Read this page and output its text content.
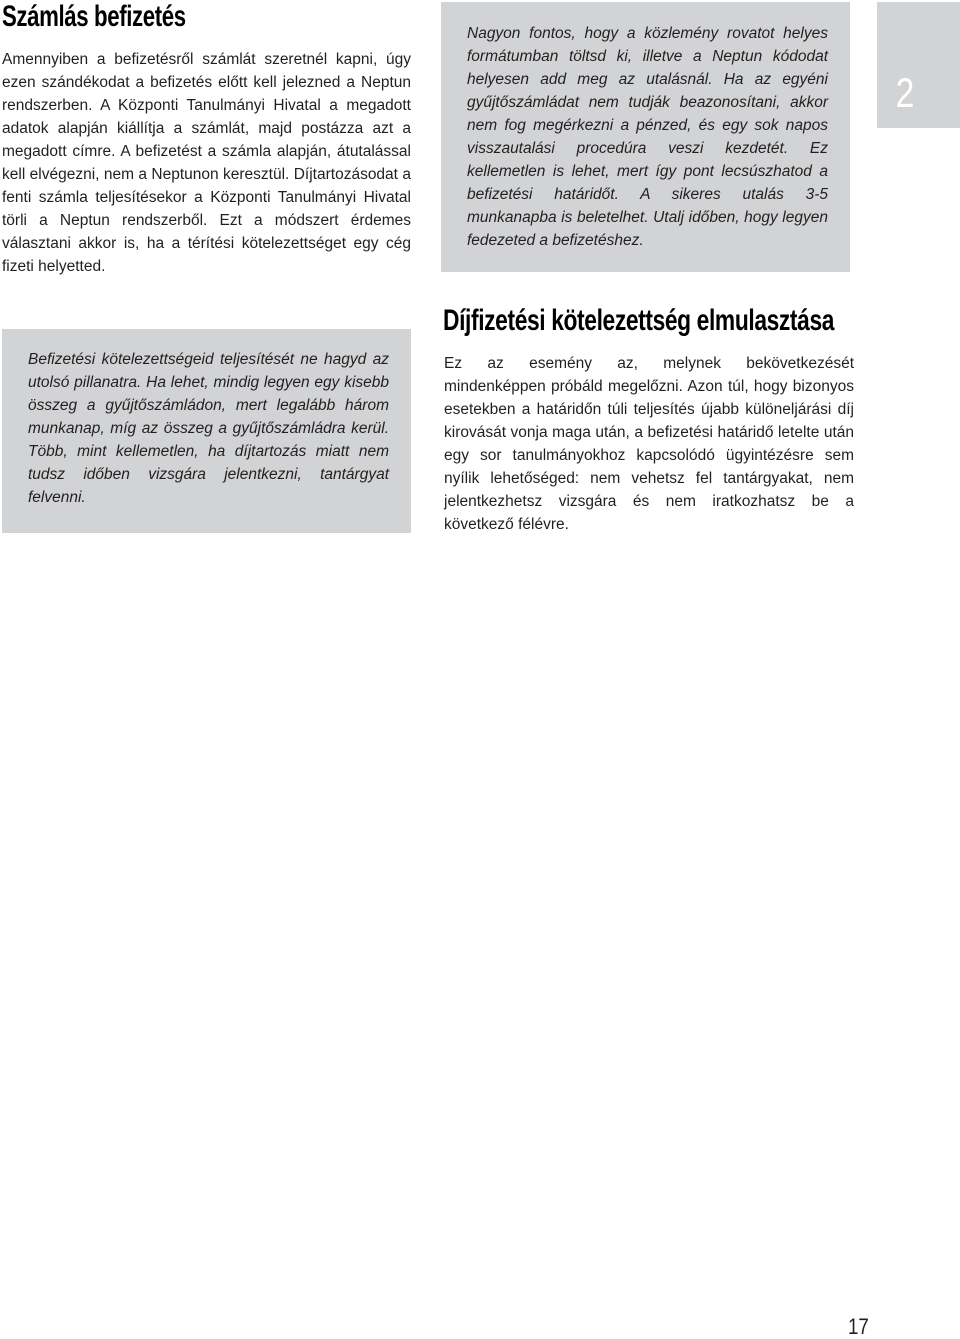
Számlás befizetés

Amennyiben a befizetésről számlát szeretnél kapni, úgy ezen szándékodat a befizetés előtt kell jelezned a Neptun rendszerben. A Központi Tanulmányi Hivatal a megadott adatok alapján kiállítja a számlát, majd postázza azt a megadott címre. A befizetést a számla alapján, átutalással kell elvégezni, nem a Neptunon keresztül. Díjtartozásodat a fenti számla teljesítésekor a Központi Tanulmányi Hivatal törli a Neptun rendszerből. Ezt a módszert érdemes választani akkor is, ha a térítési kötelezettséget egy cég fizeti helyetted.

Nagyon fontos, hogy a közlemény rovatot helyes formátumban töltsd ki, illetve a Neptun kódodat helyesen add meg az utalásnál. Ha az egyéni gyűjtőszámládat nem tudják beazonosítani, akkor nem fog megérkezni a pénzed, és egy sok napos visszautalási procedúra veszi kezdetét. Ez kellemetlen is lehet, mert így pont lecsúszhatod a befizetési határidőt. A sikeres utalás 3-5 munkanapba is beletelhet. Utalj időben, hogy legyen fedezeted a befizetéshez.

2

Befizetési kötelezettségeid teljesítését ne hagyd az utolsó pillanatra. Ha lehet, mindig legyen egy kisebb összeg a gyűjtőszámládon, mert legalább három munkanap, míg az összeg a gyűjtőszámládra kerül. Több, mint kellemetlen, ha díjtartozás miatt nem tudsz időben vizsgára jelentkezni, tantárgyat felvenni.

Díjfizetési kötelezettség elmulasztása

Ez az esemény az, melynek bekövetkezését mindenképpen próbáld megelőzni. Azon túl, hogy bizonyos esetekben a határidőn túli teljesítés újabb különeljárási díj kirovását vonja maga után, a befizetési határidő letelte után egy sor tanulmányokhoz kapcsolódó ügyintézésre sem nyílik lehetőséged: nem vehetsz fel tantárgyakat, nem jelentkezhetsz vizsgára és nem iratkozhatsz be a következő félévre.

17
